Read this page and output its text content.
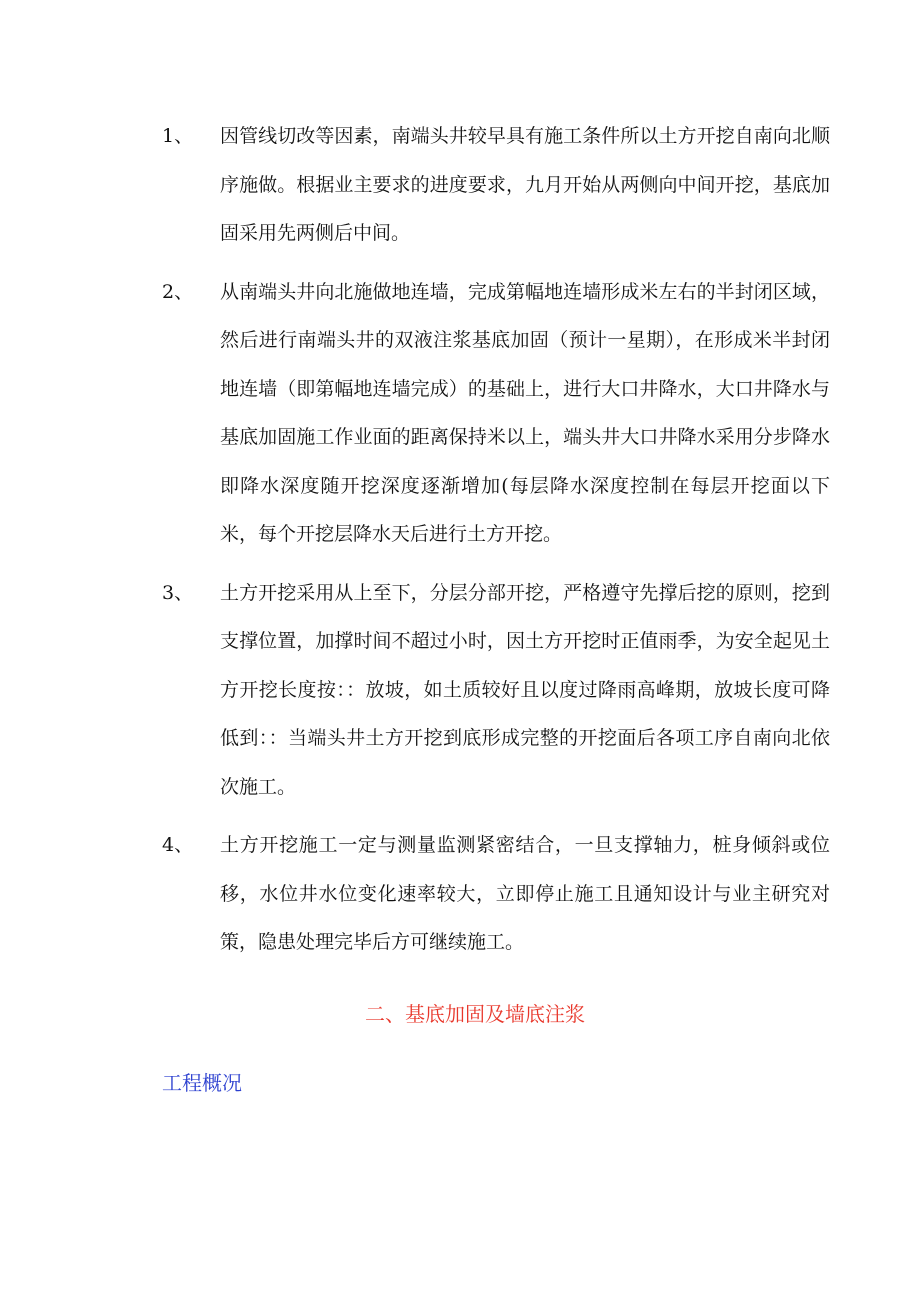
1、 因管线切改等因素，南端头井较早具有施工条件所以土方开挖自南向北顺序施做。根据业主要求的进度要求，九月开始从两侧向中间开挖，基底加固采用先两侧后中间。
2、 从南端头井向北施做地连墙，完成第幅地连墙形成米左右的半封闭区域，然后进行南端头井的双液注浆基底加固（预计一星期），在形成米半封闭地连墙（即第幅地连墙完成）的基础上，进行大口井降水，大口井降水与基底加固施工作业面的距离保持米以上，端头井大口井降水采用分步降水即降水深度随开挖深度逐渐增加(每层降水深度控制在每层开挖面以下米，每个开挖层降水天后进行土方开挖。
3、 土方开挖采用从上至下，分层分部开挖，严格遵守先撑后挖的原则，挖到支撑位置，加撑时间不超过小时，因土方开挖时正值雨季，为安全起见土方开挖长度按：：放坡，如土质较好且以度过降雨高峰期，放坡长度可降低到：：当端头井土方开挖到底形成完整的开挖面后各项工序自南向北依次施工。
4、 土方开挖施工一定与测量监测紧密结合，一旦支撑轴力，桩身倾斜或位移，水位井水位变化速率较大，立即停止施工且通知设计与业主研究对策，隐患处理完毕后方可继续施工。
二、基底加固及墙底注浆
工程概况
